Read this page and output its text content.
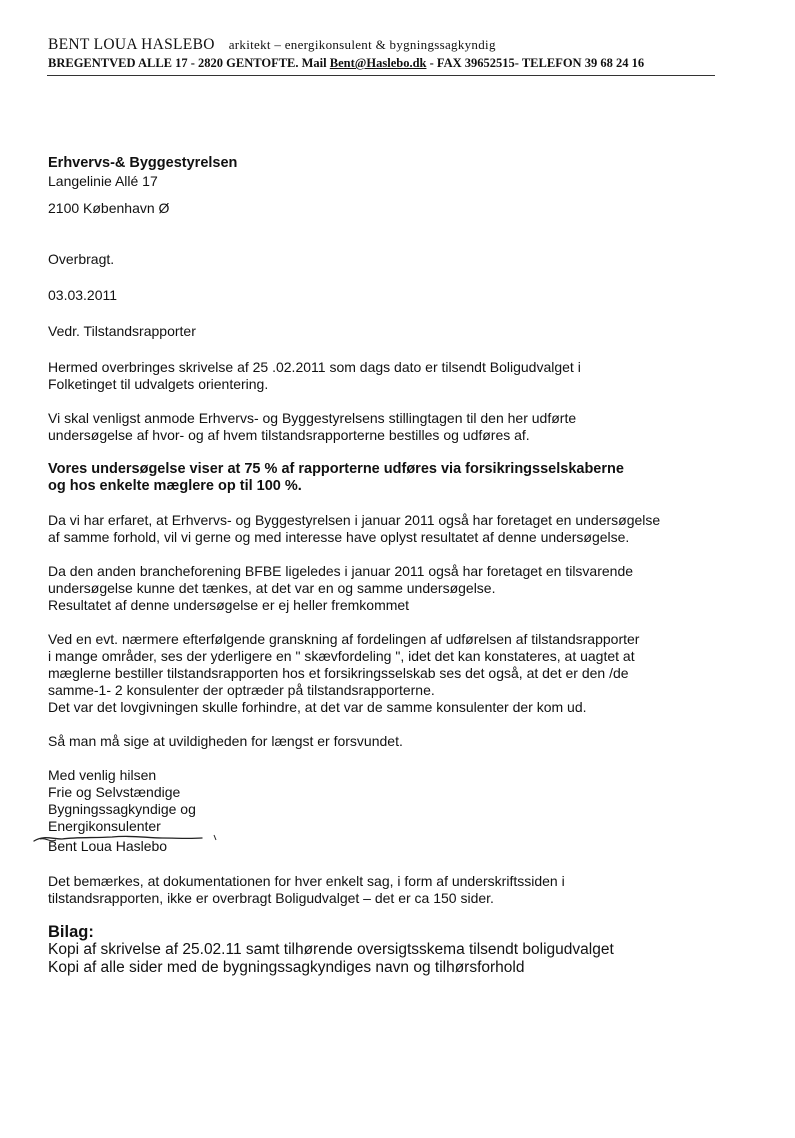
BENT LOUA HASLEBO arkitekt – energikonsulent & bygningssagkyndig
BREGENTVED ALLE 17 - 2820 GENTOFTE. Mail Bent@Haslebo.dk - FAX 39652515- TELEFON 39 68 24 16

Erhvervs-& Byggestyrelsen

Langelinie Allé 17

2100 København Ø

Overbragt.

03.03.2011

Vedr. Tilstandsrapporter

Hermed overbringes skrivelse af 25 .02.2011 som dags dato er tilsendt Boligudvalget i

Folketinget til udvalgets orientering.

Vi skal venligst anmode Erhvervs- og Byggestyrelsens stillingtagen til den her udførte

undersøgelse af hvor- og af hvem tilstandsrapporterne bestilles og udføres af.

Vores undersøgelse viser at 75 % af rapporterne udføres via forsikringsselskaberne

og hos enkelte mæglere op til 100 %.

Da vi har erfaret, at Erhvervs- og Byggestyrelsen i januar 2011 også har foretaget en undersøgelse

af samme forhold, vil vi gerne og med interesse have oplyst resultatet af denne undersøgelse.

Da den anden brancheforening BFBE ligeledes i januar 2011 også har foretaget en tilsvarende

undersøgelse kunne det tænkes, at det var en og samme undersøgelse.

Resultatet af denne undersøgelse er ej heller fremkommet

Ved en evt. nærmere efterfølgende granskning af fordelingen af udførelsen af tilstandsrapporter

i mange områder, ses der yderligere en " skævfordeling ", idet det kan konstateres, at uagtet at

mæglerne bestiller tilstandsrapporten hos et forsikringsselskab ses det også, at det er den /de

samme-1- 2 konsulenter der optræder på tilstandsrapporterne.

Det var det lovgivningen skulle forhindre, at det var de samme konsulenter der kom ud.

Så man må sige at uvildigheden for længst er forsvundet.

Med venlig hilsen

Frie og Selvstændige

Bygningssagkyndige og

Energikonsulenter

Bent Loua Haslebo

Det bemærkes, at dokumentationen for hver enkelt sag, i form af underskriftssiden i

tilstandsrapporten, ikke er overbragt Boligudvalget – det er ca 150 sider.

Bilag:

Kopi af skrivelse af 25.02.11 samt tilhørende oversigtsskema tilsendt boligudvalget

Kopi af alle sider med de bygningssagkyndiges navn og tilhørsforhold
